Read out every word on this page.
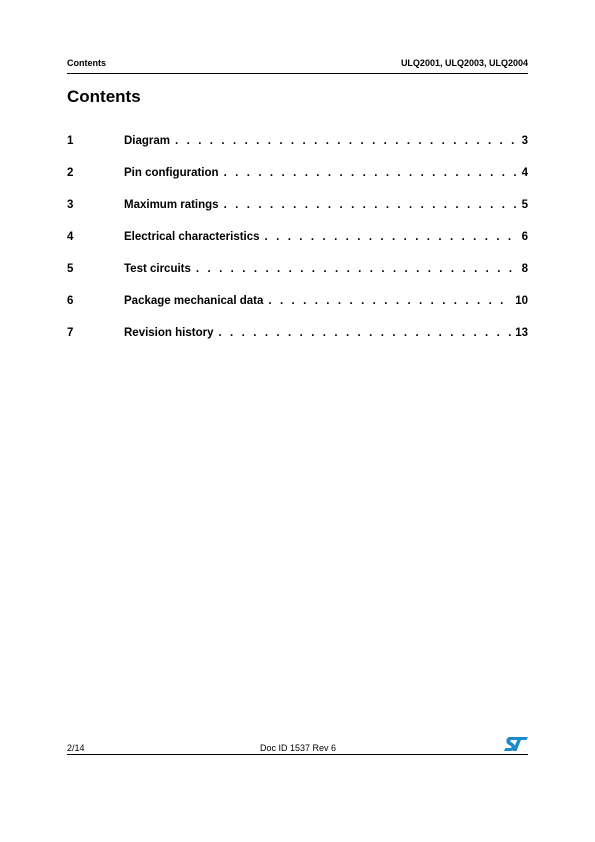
Contents	ULQ2001, ULQ2003, ULQ2004
Contents
1	Diagram . . .	3
2	Pin configuration . . .	4
3	Maximum ratings . . .	5
4	Electrical characteristics . . .	6
5	Test circuits . . .	8
6	Package mechanical data . . .	10
7	Revision history . . .	13
2/14	Doc ID 1537 Rev 6
